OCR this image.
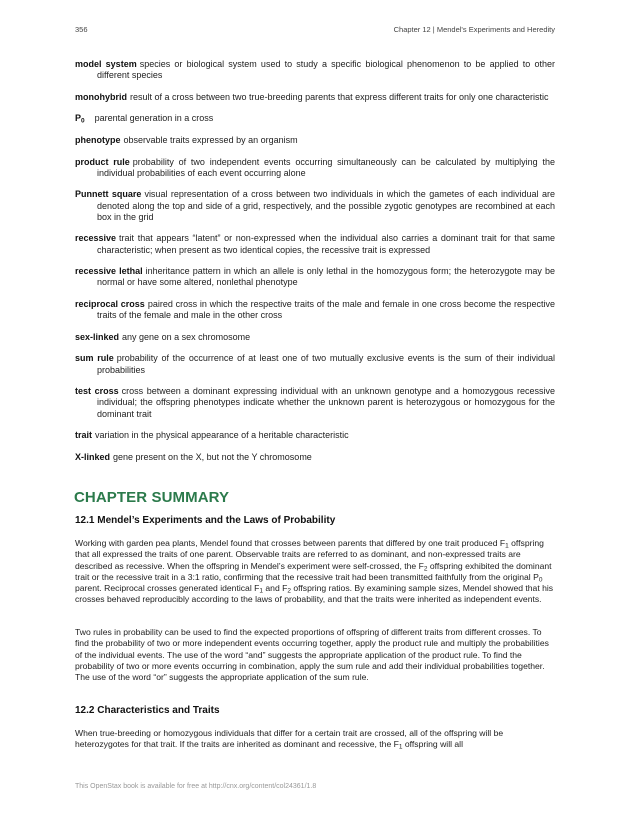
356	Chapter 12 | Mendel's Experiments and Heredity

model system species or biological system used to study a specific biological phenomenon to be applied to other different species

monohybrid result of a cross between two true-breeding parents that express different traits for only one characteristic

$P_0$ parental generation in a cross

phenotype observable traits expressed by an organism

product rule probability of two independent events occurring simultaneously can be calculated by multiplying the individual probabilities of each event occurring alone

Punnett square visual representation of a cross between two individuals in which the gametes of each individual are denoted along the top and side of a grid, respectively, and the possible zygotic genotypes are recombined at each box in the grid

recessive trait that appears “latent” or non-expressed when the individual also carries a dominant trait for that same characteristic; when present as two identical copies, the recessive trait is expressed

recessive lethal inheritance pattern in which an allele is only lethal in the homozygous form; the heterozygote may be normal or have some altered, nonlethal phenotype

reciprocal cross paired cross in which the respective traits of the male and female in one cross become the respective traits of the female and male in the other cross

sex-linked any gene on a sex chromosome

sum rule probability of the occurrence of at least one of two mutually exclusive events is the sum of their individual probabilities

test cross cross between a dominant expressing individual with an unknown genotype and a homozygous recessive individual; the offspring phenotypes indicate whether the unknown parent is heterozygous or homozygous for the dominant trait

trait variation in the physical appearance of a heritable characteristic

X-linked gene present on the X, but not the Y chromosome

CHAPTER SUMMARY
12.1 Mendel’s Experiments and the Laws of Probability

Working with garden pea plants, Mendel found that crosses between parents that differed by one trait produced $F_1$ offspring that all expressed the traits of one parent. Observable traits are referred to as dominant, and non-expressed traits are described as recessive. When the offspring in Mendel’s experiment were self-crossed, the $F_2$ offspring exhibited the dominant trait or the recessive trait in a 3:1 ratio, confirming that the recessive trait had been transmitted faithfully from the original $P_0$ parent. Reciprocal crosses generated identical $F_1$ and $F_2$ offspring ratios. By examining sample sizes, Mendel showed that his crosses behaved reproducibly according to the laws of probability, and that the traits were inherited as independent events.

Two rules in probability can be used to find the expected proportions of offspring of different traits from different crosses. To find the probability of two or more independent events occurring together, apply the product rule and multiply the probabilities of the individual events. The use of the word “and” suggests the appropriate application of the product rule. To find the probability of two or more events occurring in combination, apply the sum rule and add their individual probabilities together. The use of the word “or” suggests the appropriate application of the sum rule.

12.2 Characteristics and Traits

When true-breeding or homozygous individuals that differ for a certain trait are crossed, all of the offspring will be heterozygotes for that trait. If the traits are inherited as dominant and recessive, the $F_1$ offspring will all

This OpenStax book is available for free at http://cnx.org/content/col24361/1.8
